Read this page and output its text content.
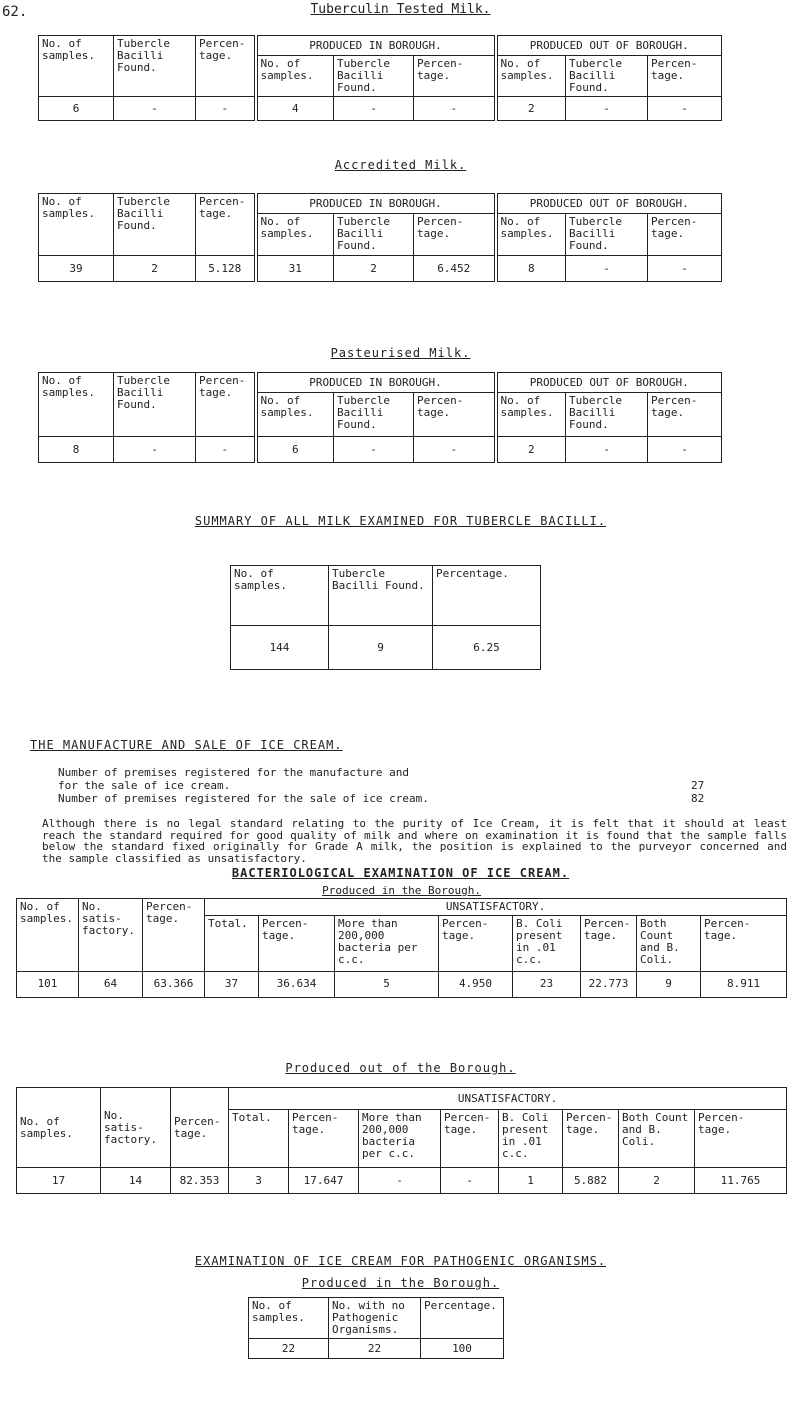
62.	Tuberculin Tested Milk.
No. of samples.	Tubercle Bacilli Found.	Percen- tage.	PRODUCED IN BOROUGH.			PRODUCED OUT OF BOROUGH.		
			No. of samples.	Tubercle Bacilli Found.	Percen- tage.	No. of samples.	Tubercle Bacilli Found.	Percen- tage.
6	-	-	4	-	-	2	-	-
Accredited Milk.
No. of samples.	Tubercle Bacilli Found.	Percen- tage.	PRODUCED IN BOROUGH.			PRODUCED OUT OF BOROUGH.		
			No. of samples.	Tubercle Bacilli Found.	Percen- tage.	No. of samples.	Tubercle Bacilli Found.	Percen- tage.
39	2	5.128	31	2	6.452	8	-	-
Pasteurised Milk.
No. of samples.	Tubercle Bacilli Found.	Percen- tage.	PRODUCED IN BOROUGH.			PRODUCED OUT OF BOROUGH.		
			No. of samples.	Tubercle Bacilli Found.	Percen- tage.	No. of samples.	Tubercle Bacilli Found.	Percen- tage.
8	-	-	6	-	-	2	-	-
SUMMARY OF ALL MILK EXAMINED FOR TUBERCLE BACILLI.
No. of samples.	Tubercle Bacilli Found.	Percentage.
144	9	6.25
THE MANUFACTURE AND SALE OF ICE CREAM.
Number of premises registered for the manufacture and
for the sale of ice cream.	27
Number of premises registered for the sale of ice cream.	82
Although there is no legal standard relating to the purity of Ice Cream, it is felt that it should at least reach the standard required for good quality of milk and where on examination it is found that the sample falls below the standard fixed originally for Grade A milk, the position is explained to the purveyor concerned and the sample classified as unsatisfactory.
BACTERIOLOGICAL EXAMINATION OF ICE CREAM.
Produced in the Borough.										
No. of samples.	No. satis- factory.	Percen- tage.	UNSATISFACTORY.							
			Total.	Percen- tage.	More than 200,000 bacteria per c.c.	Percen- tage.	B. Coli present in .01 c.c.	Percen- tage.	Both Count and B. Coli.	Percen- tage.
101	64	63.366	37	36.634	5	4.950	23	22.773	9	8.911
Produced out of the Borough.
No. of samples.	No. satis- factory.	Percen- tage.	UNSATISFACTORY.							
			Total.	Percen- tage.	More than 200,000 bacteria per c.c.	Percen- tage.	B. Coli present in .01 c.c.	Percen- tage.	Both Count and B. Coli.	Percen- tage.
17	14	82.353	3	17.647	-	-	1	5.882	2	11.765
EXAMINATION OF ICE CREAM FOR PATHOGENIC ORGANISMS.
Produced in the Borough.
No. of samples.	No. with no Pathogenic Organisms.	Percentage.
22	22	100
